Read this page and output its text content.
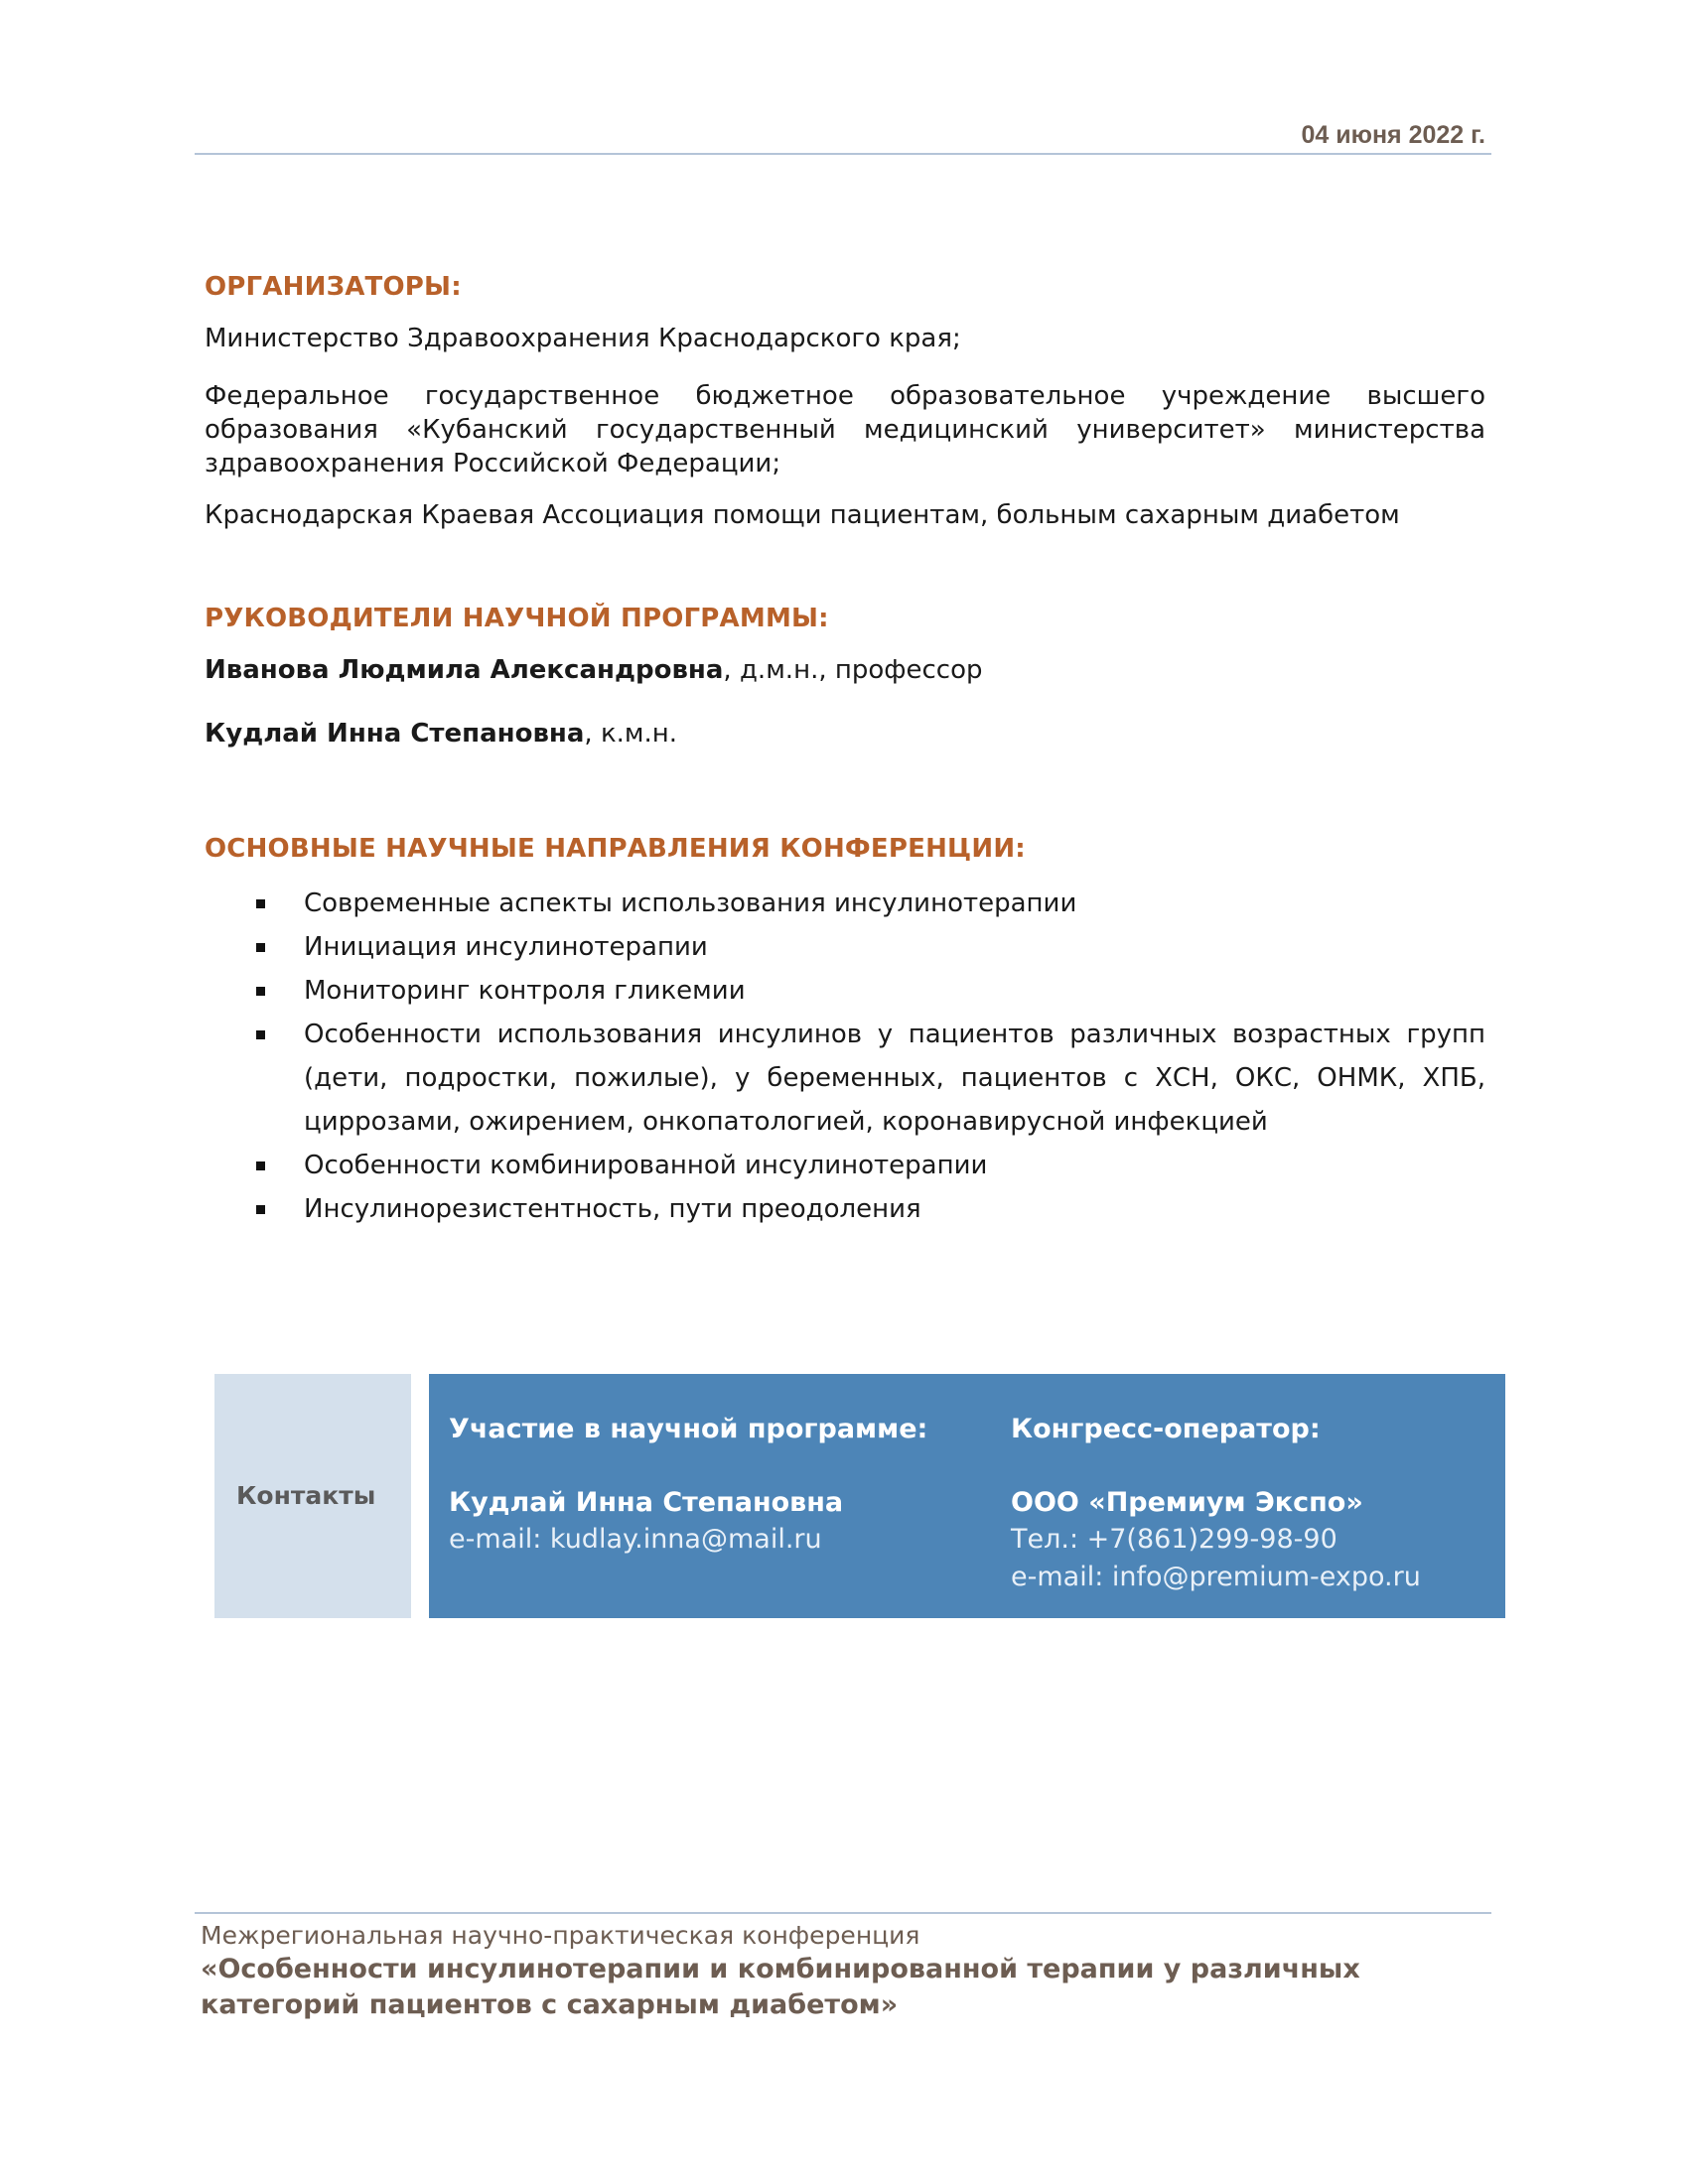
04 июня 2022 г.
ОРГАНИЗАТОРЫ:
Министерство Здравоохранения Краснодарского края;
Федеральное государственное бюджетное образовательное учреждение высшего образования «Кубанский государственный медицинский университет» министерства здравоохранения Российской Федерации;
Краснодарская Краевая Ассоциация помощи пациентам, больным сахарным диабетом
РУКОВОДИТЕЛИ НАУЧНОЙ ПРОГРАММЫ:
Иванова Людмила Александровна, д.м.н., профессор
Кудлай Инна Степановна, к.м.н.
ОСНОВНЫЕ НАУЧНЫЕ НАПРАВЛЕНИЯ КОНФЕРЕНЦИИ:
Современные аспекты использования инсулинотерапии
Инициация инсулинотерапии
Мониторинг контроля гликемии
Особенности использования инсулинов у пациентов различных возрастных групп (дети, подростки, пожилые), у беременных, пациентов с ХСН, ОКС, ОНМК, ХПБ, циррозами, ожирением, онкопатологией, коронавирусной инфекцией
Особенности комбинированной инсулинотерапии
Инсулинорезистентность, пути преодоления
Контакты
Участие в научной программе:
Кудлай Инна Степановна
e-mail: kudlay.inna@mail.ru
Конгресс-оператор:
ООО «Премиум Экспо»
Тел.: +7(861)299-98-90
e-mail: info@premium-expo.ru
Межрегиональная научно-практическая конференция
«Особенности инсулинотерапии и комбинированной терапии у различных категорий пациентов с сахарным диабетом»
